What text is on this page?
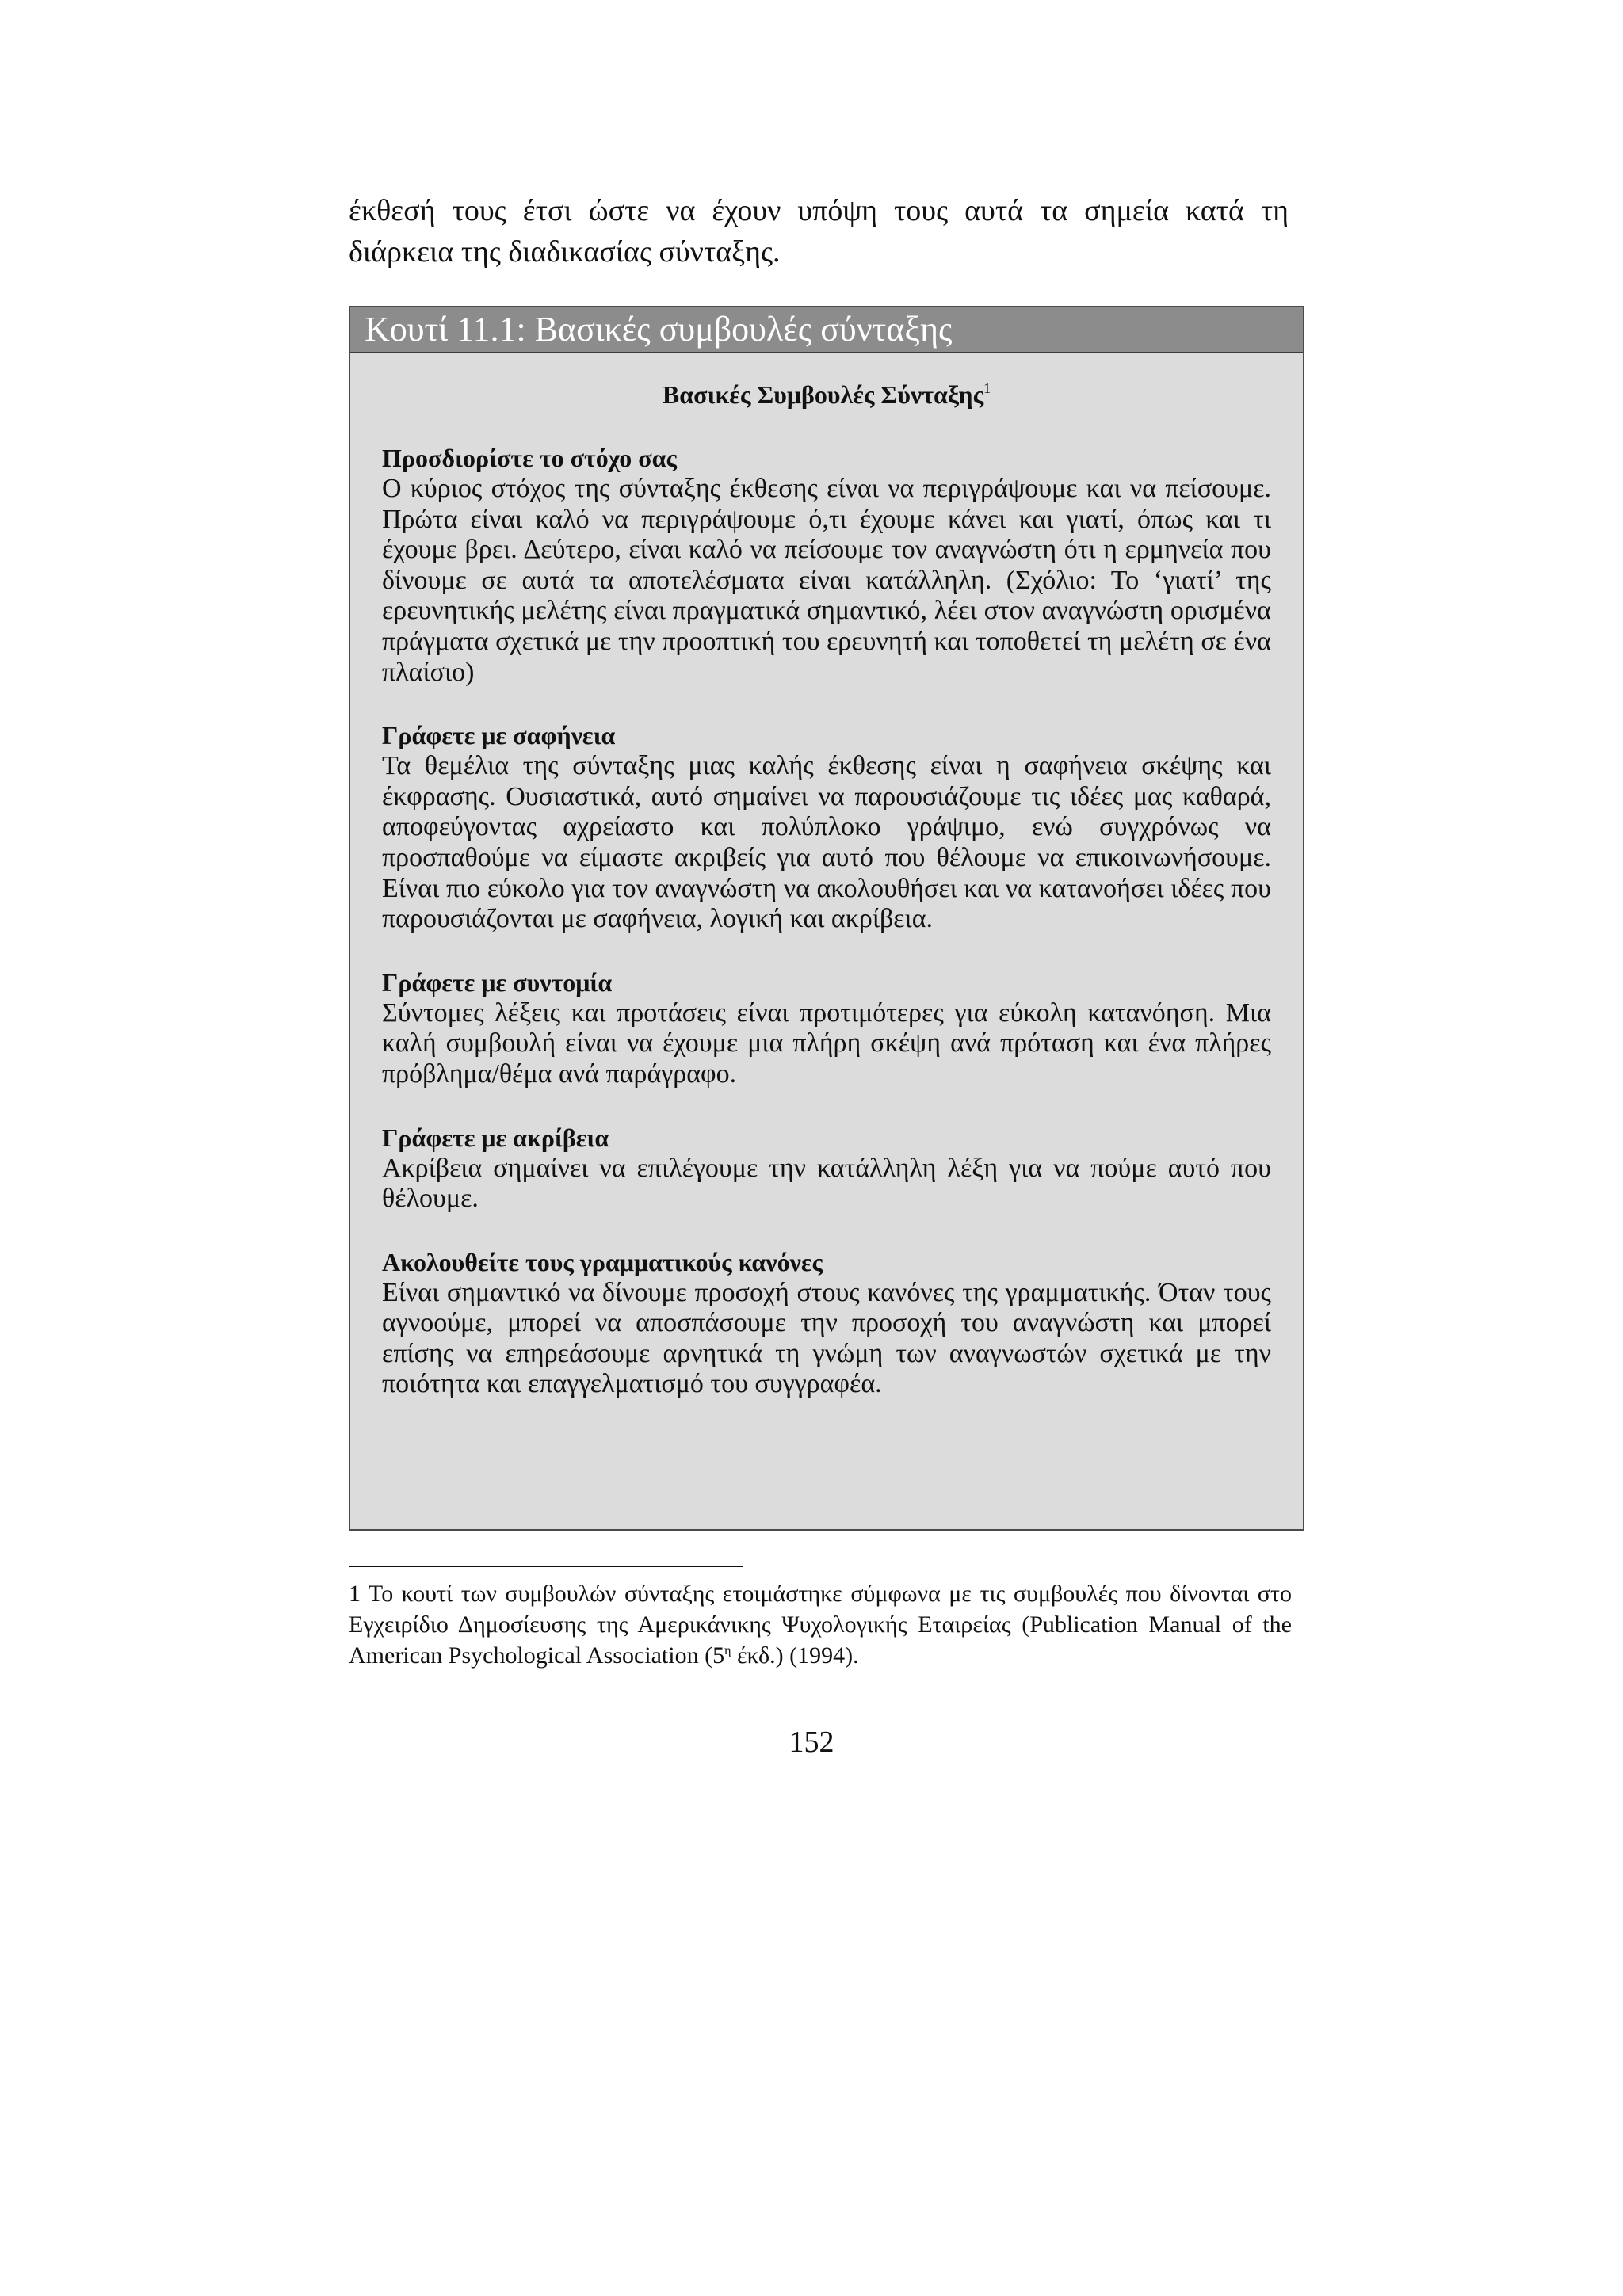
έκθεσή τους έτσι ώστε να έχουν υπόψη τους αυτά τα σημεία κατά τη διάρκεια της διαδικασίας σύνταξης.

Κουτί 11.1: Βασικές συμβουλές σύνταξης
Βασικές Συμβουλές Σύνταξης$^1$

Προσδιορίστε το στόχο σας

Ο κύριος στόχος της σύνταξης έκθεσης είναι να περιγράψουμε και να πείσουμε. Πρώτα είναι καλό να περιγράψουμε ό,τι έχουμε κάνει και γιατί, όπως και τι έχουμε βρει. Δεύτερο, είναι καλό να πείσουμε τον αναγνώστη ότι η ερμηνεία που δίνουμε σε αυτά τα αποτελέσματα είναι κατάλληλη. (Σχόλιο: Το ‘γιατί’ της ερευνητικής μελέτης είναι πραγματικά σημαντικό, λέει στον αναγνώστη ορισμένα πράγματα σχετικά με την προοπτική του ερευνητή και τοποθετεί τη μελέτη σε ένα πλαίσιο)

Γράφετε με σαφήνεια

Τα θεμέλια της σύνταξης μιας καλής έκθεσης είναι η σαφήνεια σκέψης και έκφρασης. Ουσιαστικά, αυτό σημαίνει να παρουσιάζουμε τις ιδέες μας καθαρά, αποφεύγοντας αχρείαστο και πολύπλοκο γράψιμο, ενώ συγχρόνως να προσπαθούμε να είμαστε ακριβείς για αυτό που θέλουμε να επικοινωνήσουμε. Είναι πιο εύκολο για τον αναγνώστη να ακολουθήσει και να κατανοήσει ιδέες που παρουσιάζονται με σαφήνεια, λογική και ακρίβεια.

Γράφετε με συντομία

Σύντομες λέξεις και προτάσεις είναι προτιμότερες για εύκολη κατανόηση. Μια καλή συμβουλή είναι να έχουμε μια πλήρη σκέψη ανά πρόταση και ένα πλήρες πρόβλημα/θέμα ανά παράγραφο.

Γράφετε με ακρίβεια

Ακρίβεια σημαίνει να επιλέγουμε την κατάλληλη λέξη για να πούμε αυτό που θέλουμε.

Ακολουθείτε τους γραμματικούς κανόνες

Είναι σημαντικό να δίνουμε προσοχή στους κανόνες της γραμματικής. Όταν τους αγνοούμε, μπορεί να αποσπάσουμε την προσοχή του αναγνώστη και μπορεί επίσης να επηρεάσουμε αρνητικά τη γνώμη των αναγνωστών σχετικά με την ποιότητα και επαγγελματισμό του συγγραφέα.

1 Το κουτί των συμβουλών σύνταξης ετοιμάστηκε σύμφωνα με τις συμβουλές που δίνονται στο Εγχειρίδιο Δημοσίευσης της Αμερικάνικης Ψυχολογικής Εταιρείας (Publication Manual of the American Psychological Association ($5^\eta$ έκδ.) (1994).

152
